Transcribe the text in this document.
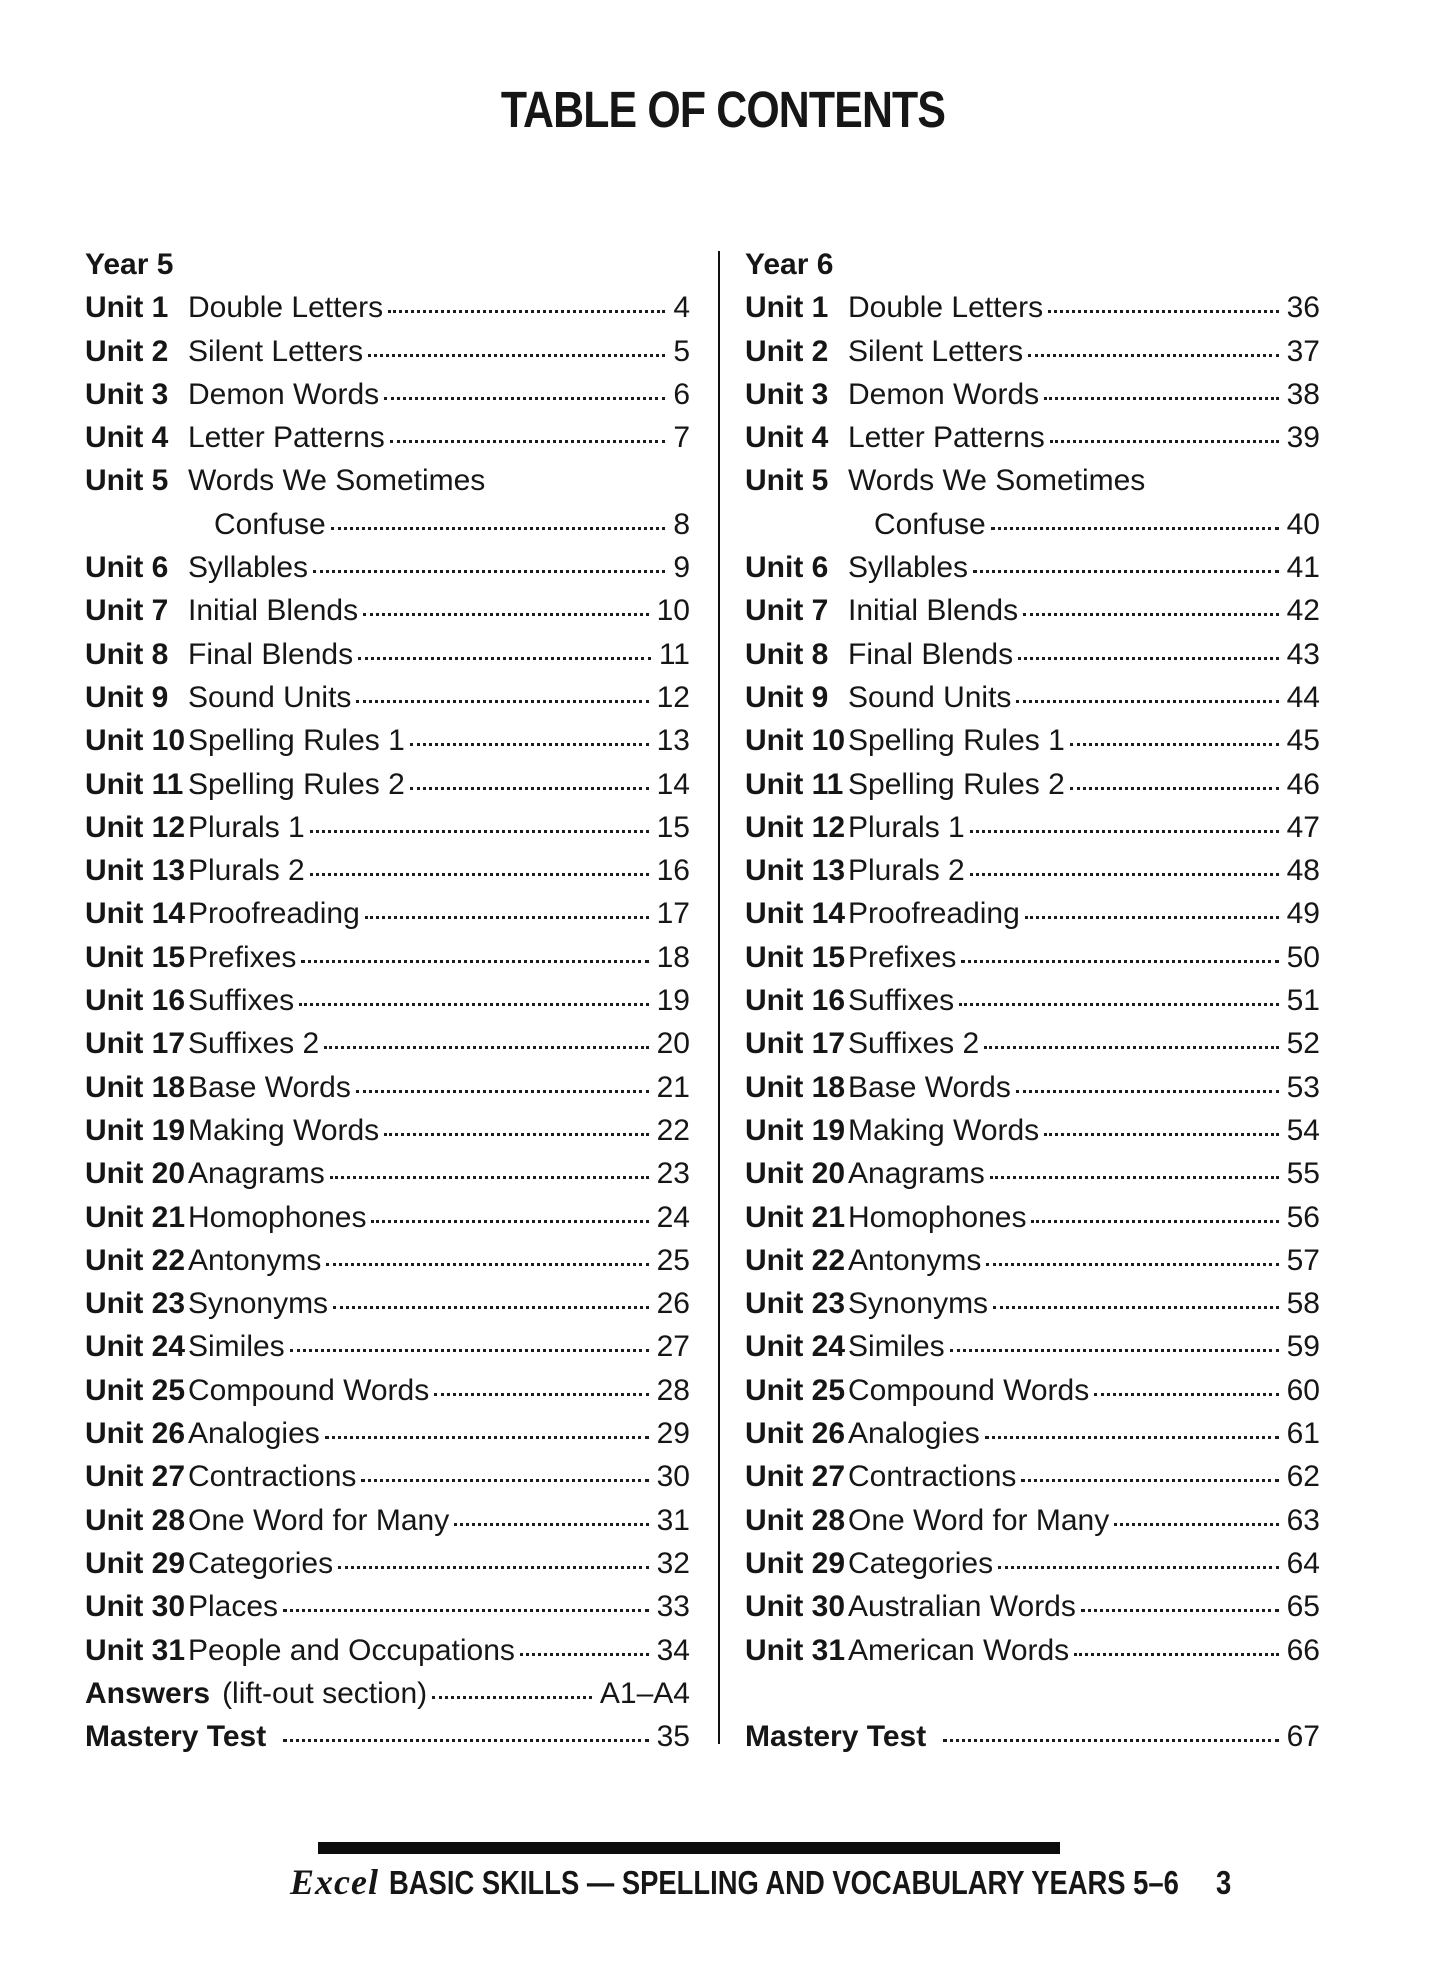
TABLE OF CONTENTS
Year 5
Unit 1 Double Letters	4
Unit 2 Silent Letters	5
Unit 3 Demon Words	6
Unit 4 Letter Patterns	7
Unit 5 Words We Sometimes
Confuse	8
Unit 6 Syllables	9
Unit 7 Initial Blends	10
Unit 8 Final Blends	11
Unit 9 Sound Units	12
Unit 10 Spelling Rules 1	13
Unit 11 Spelling Rules 2	14
Unit 12 Plurals 1	15
Unit 13 Plurals 2	16
Unit 14 Proofreading	17
Unit 15 Prefixes	18
Unit 16 Suffixes	19
Unit 17 Suffixes 2	20
Unit 18 Base Words	21
Unit 19 Making Words	22
Unit 20 Anagrams	23
Unit 21 Homophones	24
Unit 22 Antonyms	25
Unit 23 Synonyms	26
Unit 24 Similes	27
Unit 25 Compound Words	28
Unit 26 Analogies	29
Unit 27 Contractions	30
Unit 28 One Word for Many	31
Unit 29 Categories	32
Unit 30 Places	33
Unit 31 People and Occupations	34
Answers (lift-out section)	A1–A4
Mastery Test	35
Year 6
Unit 1 Double Letters	36
Unit 2 Silent Letters	37
Unit 3 Demon Words	38
Unit 4 Letter Patterns	39
Unit 5 Words We Sometimes
Confuse	40
Unit 6 Syllables	41
Unit 7 Initial Blends	42
Unit 8 Final Blends	43
Unit 9 Sound Units	44
Unit 10 Spelling Rules 1	45
Unit 11 Spelling Rules 2	46
Unit 12 Plurals 1	47
Unit 13 Plurals 2	48
Unit 14 Proofreading	49
Unit 15 Prefixes	50
Unit 16 Suffixes	51
Unit 17 Suffixes 2	52
Unit 18 Base Words	53
Unit 19 Making Words	54
Unit 20 Anagrams	55
Unit 21 Homophones	56
Unit 22 Antonyms	57
Unit 23 Synonyms	58
Unit 24 Similes	59
Unit 25 Compound Words	60
Unit 26 Analogies	61
Unit 27 Contractions	62
Unit 28 One Word for Many	63
Unit 29 Categories	64
Unit 30 Australian Words	65
Unit 31 American Words	66
Mastery Test	67
Excel BASIC SKILLS — SPELLING AND VOCABULARY YEARS 5–6 3
